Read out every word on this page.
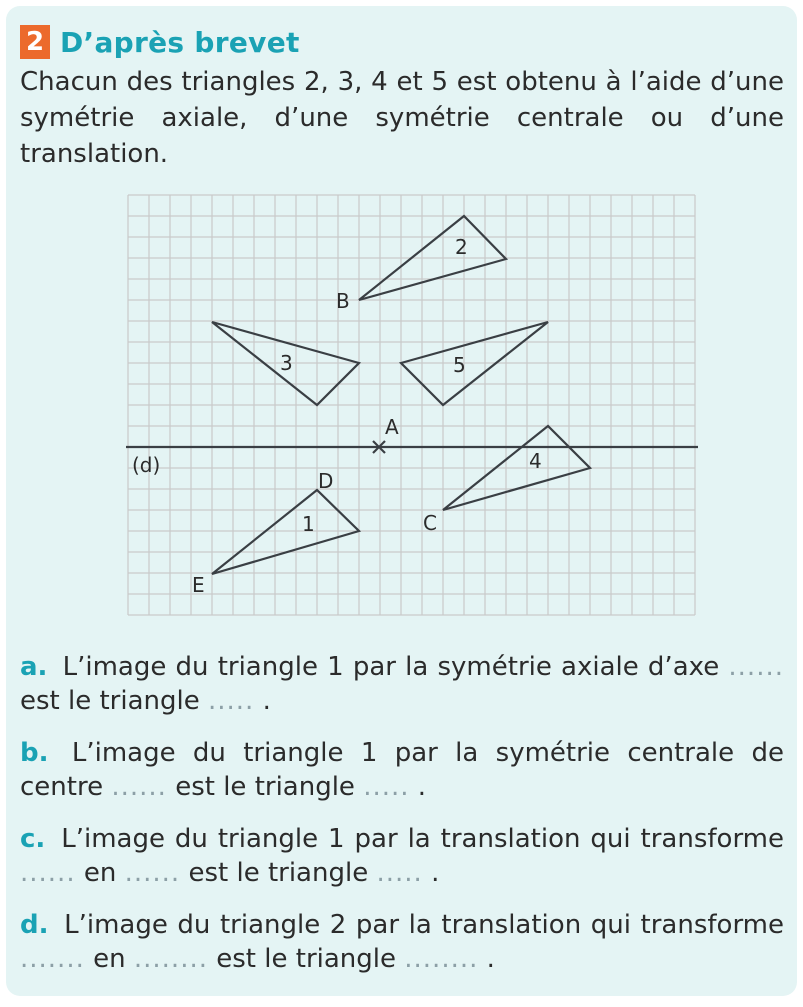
2 D’après brevet

Chacun des triangles 2, 3, 4 et 5 est obtenu à l’aide d’une symétrie axiale, d’une symétrie centrale ou d’une translation.

(d)
A
2
3	5
4
1
B
C
D
E

a. L’image du triangle 1 par la symétrie axiale d’axe ...... est le triangle ..... .

b. L’image du triangle 1 par la symétrie centrale de centre ...... est le triangle ..... .

c. L’image du triangle 1 par la translation qui transforme ...... en ...... est le triangle ..... .

d. L’image du triangle 2 par la translation qui transforme ....... en ........ est le triangle ........ .
